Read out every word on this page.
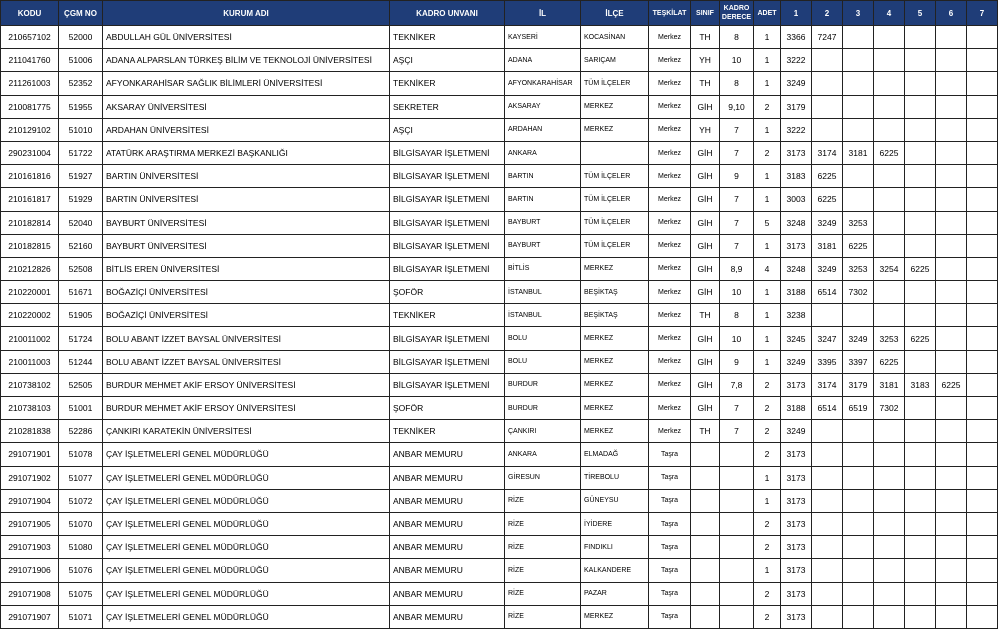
KODU	ÇGM NO	KURUM ADI	KADRO UNVANI	İL	İLÇE	TEŞKİLAT	SINIF	KADRO DERECE	ADET	1	2	3	4	5	6	7
210657102	52000	ABDULLAH GÜL ÜNİVERSİTESİ	TEKNİKER	KAYSERİ	KOCASİNAN	Merkez	TH	8	1	3366	7247					
211041760	51006	ADANA ALPARSLAN TÜRKEŞ BİLİM VE TEKNOLOJİ ÜNİVERSİTESİ	AŞÇI	ADANA	SARIÇAM	Merkez	YH	10	1	3222						
211261003	52352	AFYONKARAHİSAR SAĞLIK BİLİMLERİ ÜNİVERSİTESİ	TEKNİKER	AFYONKARAHİSAR	TÜM İLÇELER	Merkez	TH	8	1	3249						
210081775	51955	AKSARAY ÜNİVERSİTESİ	SEKRETER	AKSARAY	MERKEZ	Merkez	GİH	9,10	2	3179						
210129102	51010	ARDAHAN ÜNİVERSİTESİ	AŞÇI	ARDAHAN	MERKEZ	Merkez	YH	7	1	3222						
290231004	51722	ATATÜRK ARAŞTIRMA MERKEZİ BAŞKANLIĞI	BİLGİSAYAR İŞLETMENİ	ANKARA		Merkez	GİH	7	2	3173	3174	3181	6225			
210161816	51927	BARTIN ÜNİVERSİTESİ	BİLGİSAYAR İŞLETMENİ	BARTIN	TÜM İLÇELER	Merkez	GİH	9	1	3183	6225					
210161817	51929	BARTIN ÜNİVERSİTESİ	BİLGİSAYAR İŞLETMENİ	BARTIN	TÜM İLÇELER	Merkez	GİH	7	1	3003	6225					
210182814	52040	BAYBURT ÜNİVERSİTESİ	BİLGİSAYAR İŞLETMENİ	BAYBURT	TÜM İLÇELER	Merkez	GİH	7	5	3248	3249	3253				
210182815	52160	BAYBURT ÜNİVERSİTESİ	BİLGİSAYAR İŞLETMENİ	BAYBURT	TÜM İLÇELER	Merkez	GİH	7	1	3173	3181	6225				
210212826	52508	BİTLİS EREN ÜNİVERSİTESİ	BİLGİSAYAR İŞLETMENİ	BİTLİS	MERKEZ	Merkez	GİH	8,9	4	3248	3249	3253	3254	6225		
210220001	51671	BOĞAZİÇİ ÜNİVERSİTESİ	ŞOFÖR	İSTANBUL	BEŞİKTAŞ	Merkez	GİH	10	1	3188	6514	7302				
210220002	51905	BOĞAZİÇİ ÜNİVERSİTESİ	TEKNİKER	İSTANBUL	BEŞİKTAŞ	Merkez	TH	8	1	3238						
210011002	51724	BOLU ABANT İZZET BAYSAL ÜNİVERSİTESİ	BİLGİSAYAR İŞLETMENİ	BOLU	MERKEZ	Merkez	GİH	10	1	3245	3247	3249	3253	6225		
210011003	51244	BOLU ABANT İZZET BAYSAL ÜNİVERSİTESİ	BİLGİSAYAR İŞLETMENİ	BOLU	MERKEZ	Merkez	GİH	9	1	3249	3395	3397	6225			
210738102	52505	BURDUR MEHMET AKİF ERSOY ÜNİVERSİTESİ	BİLGİSAYAR İŞLETMENİ	BURDUR	MERKEZ	Merkez	GİH	7,8	2	3173	3174	3179	3181	3183	6225	
210738103	51001	BURDUR MEHMET AKİF ERSOY ÜNİVERSİTESİ	ŞOFÖR	BURDUR	MERKEZ	Merkez	GİH	7	2	3188	6514	6519	7302			
210281838	52286	ÇANKIRI KARATEKİN ÜNİVERSİTESİ	TEKNİKER	ÇANKIRI	MERKEZ	Merkez	TH	7	2	3249						
291071901	51078	ÇAY İŞLETMELERİ GENEL MÜDÜRLÜĞÜ	ANBAR MEMURU	ANKARA	ELMADAĞ	Taşra			2	3173						
291071902	51077	ÇAY İŞLETMELERİ GENEL MÜDÜRLÜĞÜ	ANBAR MEMURU	GİRESUN	TİREBOLU	Taşra			1	3173						
291071904	51072	ÇAY İŞLETMELERİ GENEL MÜDÜRLÜĞÜ	ANBAR MEMURU	RİZE	GÜNEYSU	Taşra			1	3173						
291071905	51070	ÇAY İŞLETMELERİ GENEL MÜDÜRLÜĞÜ	ANBAR MEMURU	RİZE	İYİDERE	Taşra			2	3173						
291071903	51080	ÇAY İŞLETMELERİ GENEL MÜDÜRLÜĞÜ	ANBAR MEMURU	RİZE	FINDIKLI	Taşra			2	3173						
291071906	51076	ÇAY İŞLETMELERİ GENEL MÜDÜRLÜĞÜ	ANBAR MEMURU	RİZE	KALKANDERE	Taşra			1	3173						
291071908	51075	ÇAY İŞLETMELERİ GENEL MÜDÜRLÜĞÜ	ANBAR MEMURU	RİZE	PAZAR	Taşra			2	3173						
291071907	51071	ÇAY İŞLETMELERİ GENEL MÜDÜRLÜĞÜ	ANBAR MEMURU	RİZE	MERKEZ	Taşra			2	3173						
